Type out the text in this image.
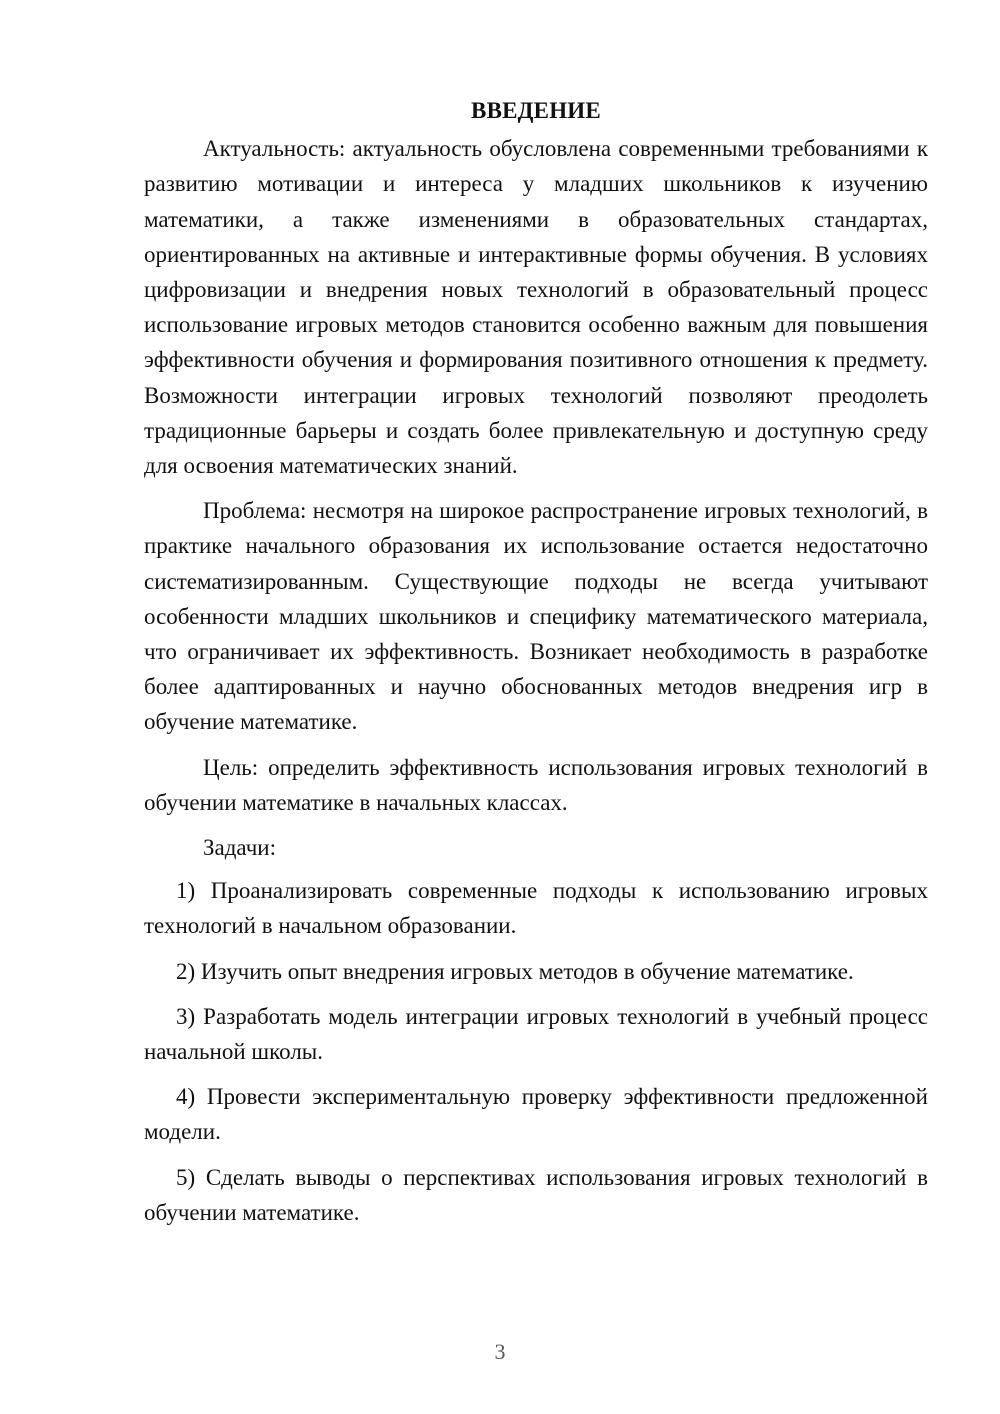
ВВЕДЕНИЕ

Актуальность: актуальность обусловлена современными требованиями к развитию мотивации и интереса у младших школьников к изучению математики, а также изменениями в образовательных стандартах, ориентированных на активные и интерактивные формы обучения. В условиях цифровизации и внедрения новых технологий в образовательный процесс использование игровых методов становится особенно важным для повышения эффективности обучения и формирования позитивного отношения к предмету. Возможности интеграции игровых технологий позволяют преодолеть традиционные барьеры и создать более привлекательную и доступную среду для освоения математических знаний.

Проблема: несмотря на широкое распространение игровых технологий, в практике начального образования их использование остается недостаточно систематизированным. Существующие подходы не всегда учитывают особенности младших школьников и специфику математического материала, что ограничивает их эффективность. Возникает необходимость в разработке более адаптированных и научно обоснованных методов внедрения игр в обучение математике.

Цель: определить эффективность использования игровых технологий в обучении математике в начальных классах.

Задачи:

1) Проанализировать современные подходы к использованию игровых технологий в начальном образовании.

2) Изучить опыт внедрения игровых методов в обучение математике.

3) Разработать модель интеграции игровых технологий в учебный процесс начальной школы.

4) Провести экспериментальную проверку эффективности предложенной модели.

5) Сделать выводы о перспективах использования игровых технологий в обучении математике.

3
